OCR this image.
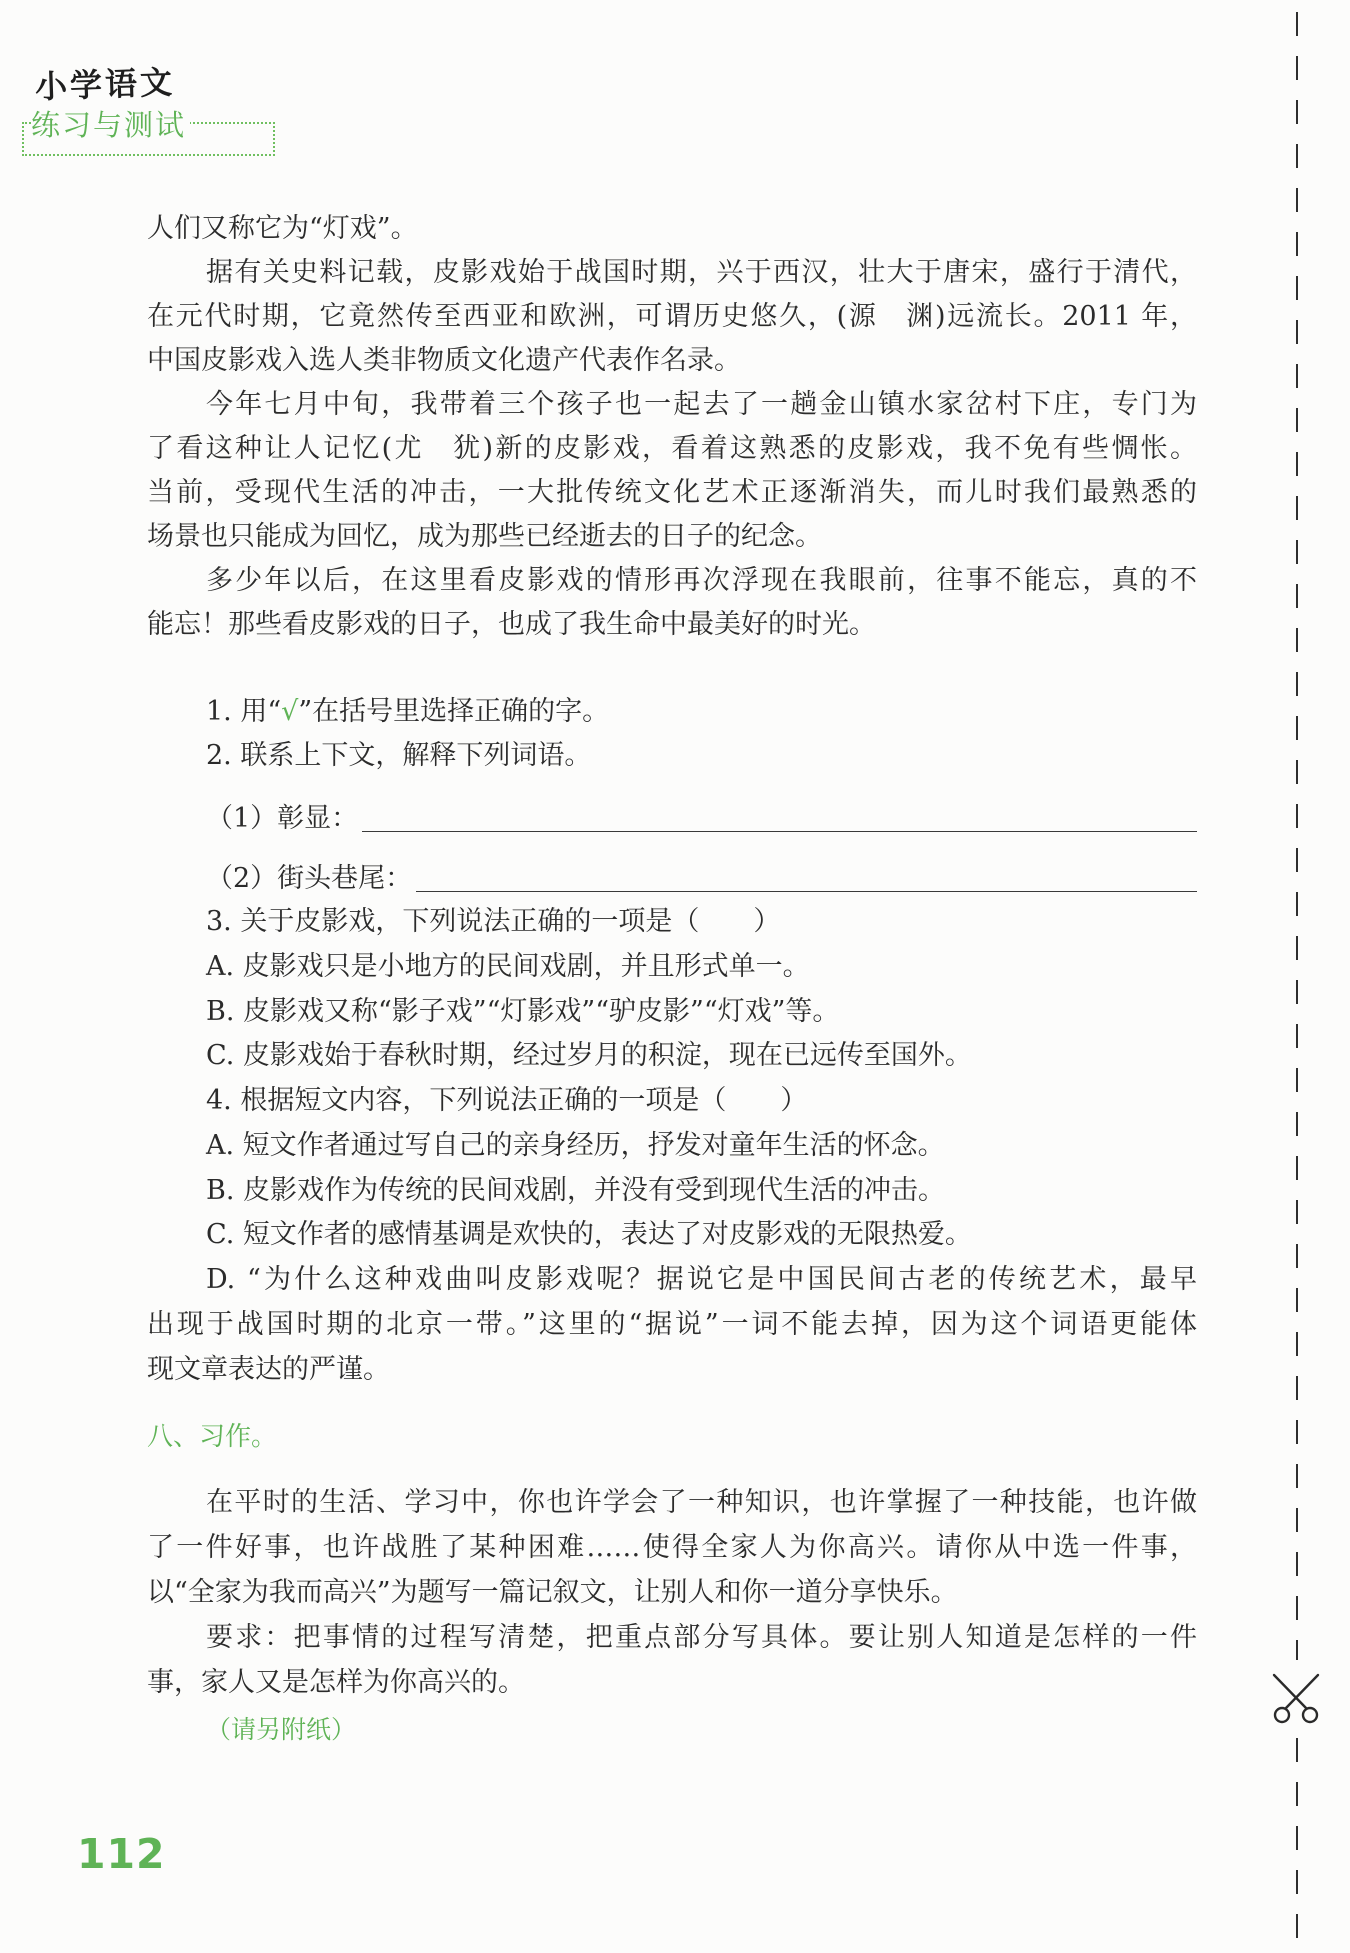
小学语文
练习与测试
人们又称它为“灯戏”。
据有关史料记载，皮影戏始于战国时期，兴于西汉，壮大于唐宋，盛行于清代，
在元代时期，它竟然传至西亚和欧洲，可谓历史悠久，(源　渊)远流长。2011 年，
中国皮影戏入选人类非物质文化遗产代表作名录。
今年七月中旬，我带着三个孩子也一起去了一趟金山镇水家岔村下庄，专门为
了看这种让人记忆(尤　犹)新的皮影戏，看着这熟悉的皮影戏，我不免有些惆怅。
当前，受现代生活的冲击，一大批传统文化艺术正逐渐消失，而儿时我们最熟悉的
场景也只能成为回忆，成为那些已经逝去的日子的纪念。
多少年以后，在这里看皮影戏的情形再次浮现在我眼前，往事不能忘，真的不
能忘！那些看皮影戏的日子，也成了我生命中最美好的时光。
1. 用“√”在括号里选择正确的字。
2. 联系上下文，解释下列词语。
（1）彰显：
（2）街头巷尾：
3. 关于皮影戏，下列说法正确的一项是（　　）
A. 皮影戏只是小地方的民间戏剧，并且形式单一。
B. 皮影戏又称“影子戏”“灯影戏”“驴皮影”“灯戏”等。
C. 皮影戏始于春秋时期，经过岁月的积淀，现在已远传至国外。
4. 根据短文内容，下列说法正确的一项是（　　）
A. 短文作者通过写自己的亲身经历，抒发对童年生活的怀念。
B. 皮影戏作为传统的民间戏剧，并没有受到现代生活的冲击。
C. 短文作者的感情基调是欢快的，表达了对皮影戏的无限热爱。
D. “为什么这种戏曲叫皮影戏呢？据说它是中国民间古老的传统艺术，最早
出现于战国时期的北京一带。”这里的“据说”一词不能去掉，因为这个词语更能体
现文章表达的严谨。
八、习作。
在平时的生活、学习中，你也许学会了一种知识，也许掌握了一种技能，也许做
了一件好事，也许战胜了某种困难……使得全家人为你高兴。请你从中选一件事，
以“全家为我而高兴”为题写一篇记叙文，让别人和你一道分享快乐。
要求：把事情的过程写清楚，把重点部分写具体。要让别人知道是怎样的一件
事，家人又是怎样为你高兴的。
（请另附纸）
112
